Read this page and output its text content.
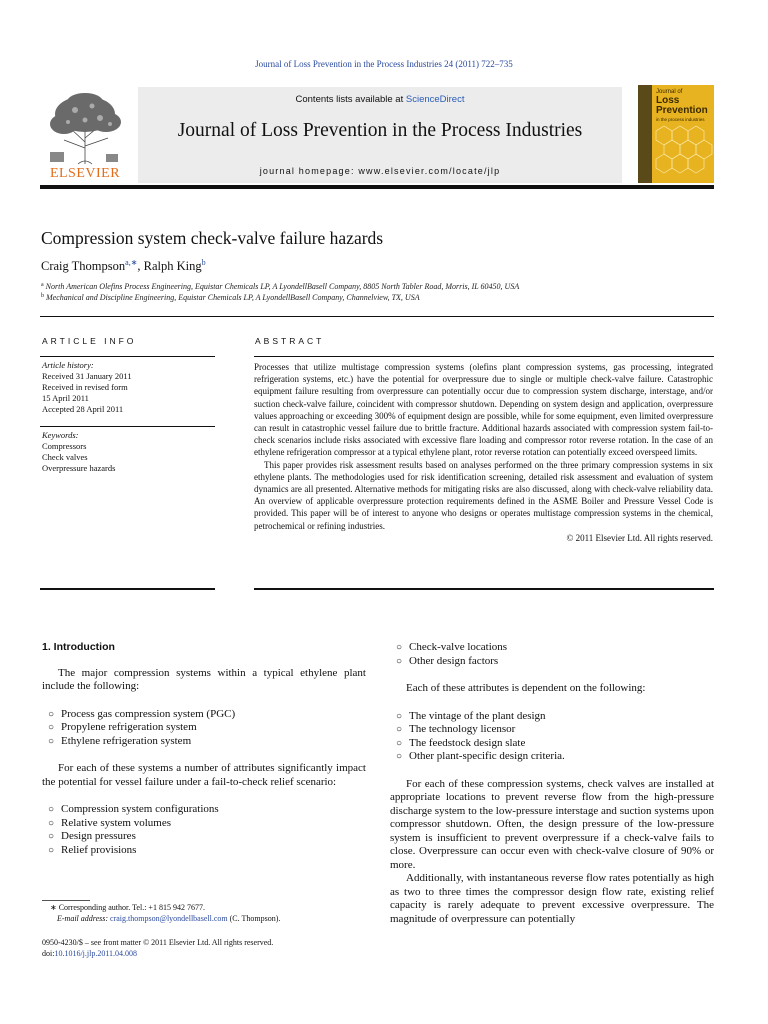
Journal of Loss Prevention in the Process Industries 24 (2011) 722–735
ELSEVIER
Contents lists available at ScienceDirect
Journal of Loss Prevention in the Process Industries
journal homepage: www.elsevier.com/locate/jlp
Journal of
Loss
Prevention
in the process industries
Compression system check-valve failure hazards
Craig Thompson$^{a,∗}$, Ralph King$^b$
$^a$ North American Olefins Process Engineering, Equistar Chemicals LP, A LyondellBasell Company, 8805 North Tabler Road, Morris, IL 60450, USA
$^b$ Mechanical and Discipline Engineering, Equistar Chemicals LP, A LyondellBasell Company, Channelview, TX, USA
ARTICLE INFO
Article history:
Received 31 January 2011
Received in revised form
15 April 2011
Accepted 28 April 2011
Keywords:
Compressors
Check valves
Overpressure hazards
ABSTRACT

Processes that utilize multistage compression systems (olefins plant compression systems, gas processing, integrated refrigeration systems, etc.) have the potential for overpressure due to single or multiple check-valve failure. Catastrophic equipment failure resulting from overpressure can potentially occur due to compression system discharge, interstage, and/or suction check-valve failure, coincident with compressor shutdown. Depending on system design and application, overpressure values approaching or exceeding 300% of equipment design are possible, while for some equipment, even limited overpressure can result in catastrophic vessel failure due to brittle fracture. Additional hazards associated with compression system fail-to-check scenarios include risks associated with excessive flare loading and compressor rotor reverse rotation. In the case of an ethylene refrigeration compressor at a typical ethylene plant, rotor reverse rotation can potentially exceed overspeed limits.

This paper provides risk assessment results based on analyses performed on the three primary compression systems in six ethylene plants. The methodologies used for risk identification screening, detailed risk assessment and evaluation of system dynamics are all presented. Alternative methods for mitigating risks are also discussed, along with check-valve reliability data. An overview of applicable overpressure protection requirements defined in the ASME Boiler and Pressure Vessel Code is provided. This paper will be of interest to anyone who designs or operates multistage compression systems in the chemical, petrochemical or refining industries.

© 2011 Elsevier Ltd. All rights reserved.

1. Introduction

The major compression systems within a typical ethylene plant include the following:

○ Process gas compression system (PGC)
○ Propylene refrigeration system
○ Ethylene refrigeration system

For each of these systems a number of attributes significantly impact the potential for vessel failure under a fail-to-check relief scenario:

○ Compression system configurations
○ Relative system volumes
○ Design pressures
○ Relief provisions
○ Check-valve locations
○ Other design factors

Each of these attributes is dependent on the following:

○ The vintage of the plant design
○ The technology licensor
○ The feedstock design slate
○ Other plant-specific design criteria.

For each of these compression systems, check valves are installed at appropriate locations to prevent reverse flow from the high-pressure discharge system to the low-pressure interstage and suction systems upon compressor shutdown. Often, the design pressure of the low-pressure system is insufficient to prevent overpressure if a check-valve fails to close. Overpressure can occur even with check-valve closure of 90% or more.

Additionally, with instantaneous reverse flow rates potentially as high as two to three times the compressor design flow rate, existing relief capacity is rarely adequate to prevent excessive overpressure. The magnitude of overpressure can potentially

∗ Corresponding author. Tel.: +1 815 942 7677.
E-mail address: craig.thompson@lyondellbasell.com (C. Thompson).
0950-4230/$ – see front matter © 2011 Elsevier Ltd. All rights reserved.
doi:10.1016/j.jlp.2011.04.008
